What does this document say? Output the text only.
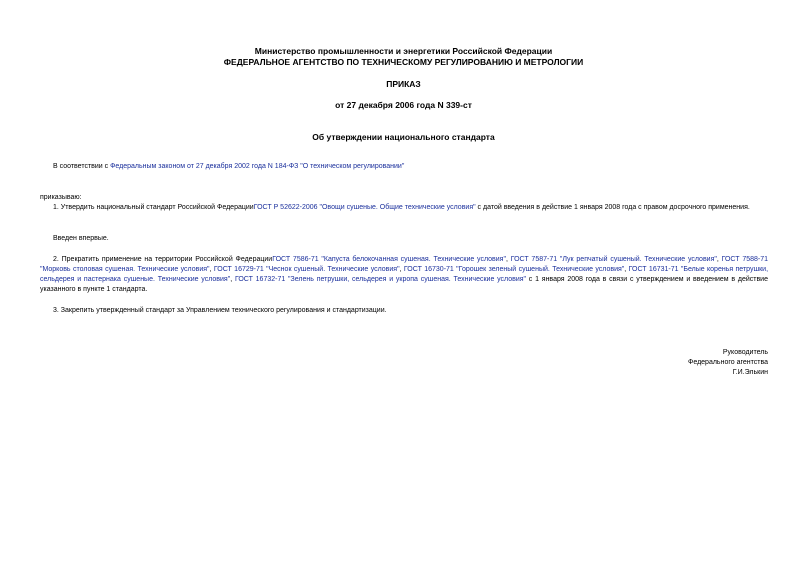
Министерство промышленности и энергетики Российской Федерации
ФЕДЕРАЛЬНОЕ АГЕНТСТВО ПО ТЕХНИЧЕСКОМУ РЕГУЛИРОВАНИЮ И МЕТРОЛОГИИ
ПРИКАЗ
от 27 декабря 2006 года N 339-ст
Об утверждении национального стандарта
В соответствии с Федеральным законом от 27 декабря 2002 года N 184-ФЗ "О техническом регулировании"
приказываю:
1. Утвердить национальный стандарт Российской ФедерацииГОСТ Р 52622-2006 "Овощи сушеные. Общие технические условия" с датой введения в действие 1 января 2008 года с правом досрочного применения.
Введен впервые.
2. Прекратить применение на территории Российской ФедерацииГОСТ 7586-71 "Капуста белокочанная сушеная. Технические условия", ГОСТ 7587-71 "Лук репчатый сушеный. Технические условия", ГОСТ 7588-71 "Морковь столовая сушеная. Технические условия", ГОСТ 16729-71 "Чеснок сушеный. Технические условия", ГОСТ 16730-71 "Горошек зеленый сушеный. Технические условия", ГОСТ 16731-71 "Белые коренья петрушки, сельдерея и пастернака сушеные. Технические условия", ГОСТ 16732-71 "Зелень петрушки, сельдерея и укропа сушеная. Технические условия" с 1 января 2008 года в связи с утверждением и введением в действие указанного в пункте 1 стандарта.
3. Закрепить утвержденный стандарт за Управлением технического регулирования и стандартизации.
Руководитель
Федерального агентства
Г.И.Элькин
